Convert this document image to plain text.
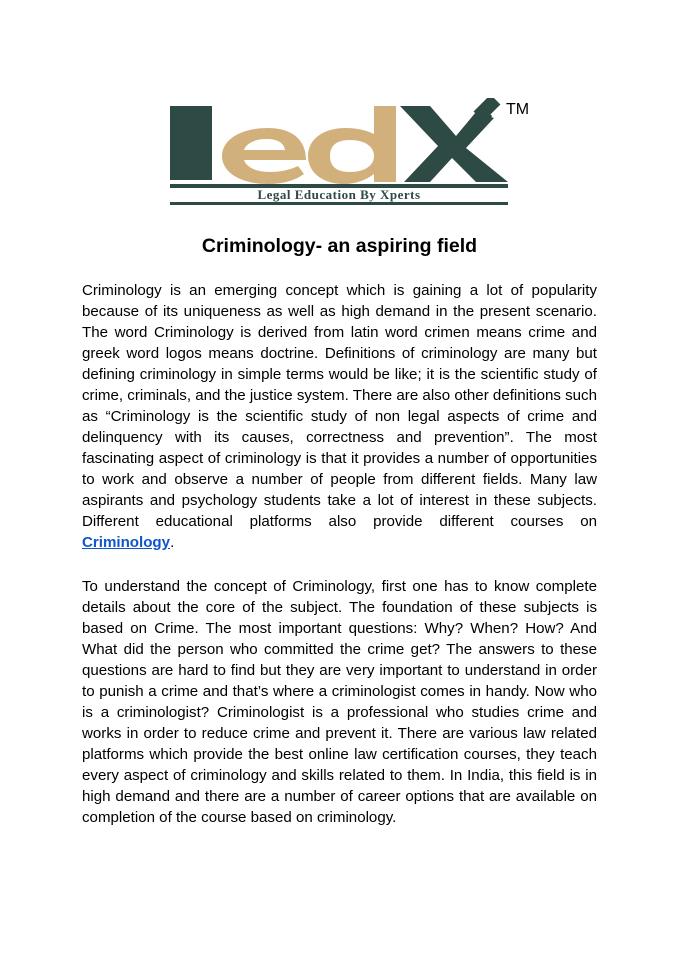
TM
Legal Education By Xperts
Criminology- an aspiring field

Criminology is an emerging concept which is gaining a lot of popularity because of its uniqueness as well as high demand in the present scenario. The word Criminology is derived from latin word crimen means crime and greek word logos means doctrine. Definitions of criminology are many but defining criminology in simple terms would be like; it is the scientific study of crime, criminals, and the justice system. There are also other definitions such as “Criminology is the scientific study of non legal aspects of crime and delinquency with its causes, correctness and prevention”. The most fascinating aspect of criminology is that it provides a number of opportunities to work and observe a number of people from different fields. Many law aspirants and psychology students take a lot of interest in these subjects. Different educational platforms also provide different courses on Criminology.

To understand the concept of Criminology, first one has to know complete details about the core of the subject. The foundation of these subjects is based on Crime. The most important questions: Why? When? How? And What did the person who committed the crime get? The answers to these questions are hard to find but they are very important to understand in order to punish a crime and that’s where a criminologist comes in handy. Now who is a criminologist? Criminologist is a professional who studies crime and works in order to reduce crime and prevent it. There are various law related platforms which provide the best online law certification courses, they teach every aspect of criminology and skills related to them. In India, this field is in high demand and there are a number of career options that are available on completion of the course based on criminology.
